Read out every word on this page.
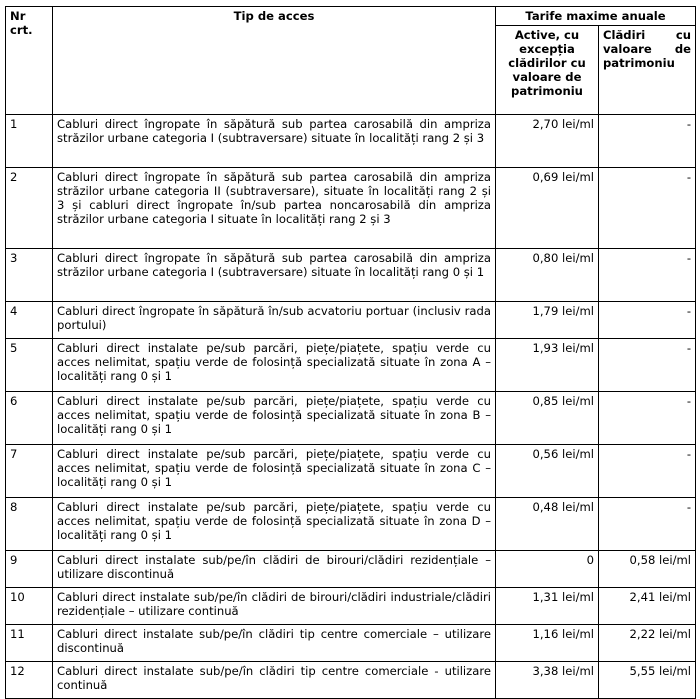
Nr crt.	Tip de acces	Tarife maxime anuale	
		Active, cu excepția clădirilor cu valoare de patrimoniu	Clădiri cu valoare de patrimoniu
1	Cabluri direct îngropate în săpătură sub partea carosabilă din ampriza străzilor urbane categoria I (subtraversare) situate în localități rang 2 și 3	2,70 lei/ml	-
2	Cabluri direct îngropate în săpătură sub partea carosabilă din ampriza străzilor urbane categoria II (subtraversare), situate în localități rang 2 și 3 și cabluri direct îngropate în/sub partea noncarosabilă din ampriza străzilor urbane categoria I situate în localități rang 2 și 3	0,69 lei/ml	-
3	Cabluri direct îngropate în săpătură sub partea carosabilă din ampriza străzilor urbane categoria I (subtraversare) situate în localități rang 0 și 1	0,80 lei/ml	-
4	Cabluri direct îngropate în săpătură în/sub acvatoriu portuar (inclusiv rada portului)	1,79 lei/ml	-
5	Cabluri direct instalate pe/sub parcări, piețe/piațete, spațiu verde cu acces nelimitat, spațiu verde de folosință specializată situate în zona A – localități rang 0 și 1	1,93 lei/ml	-
6	Cabluri direct instalate pe/sub parcări, piețe/piațete, spațiu verde cu acces nelimitat, spațiu verde de folosință specializată situate în zona B – localități rang 0 și 1	0,85 lei/ml	-
7	Cabluri direct instalate pe/sub parcări, piețe/piațete, spațiu verde cu acces nelimitat, spațiu verde de folosință specializată situate în zona C – localități rang 0 și 1	0,56 lei/ml	-
8	Cabluri direct instalate pe/sub parcări, piețe/piațete, spațiu verde cu acces nelimitat, spațiu verde de folosință specializată situate în zona D – localități rang 0 și 1	0,48 lei/ml	-
9	Cabluri direct instalate sub/pe/în clădiri de birouri/clădiri rezidențiale – utilizare discontinuă	0	0,58 lei/ml
10	Cabluri direct instalate sub/pe/în clădiri de birouri/clădiri industriale/clădiri rezidențiale – utilizare continuă	1,31 lei/ml	2,41 lei/ml
11	Cabluri direct instalate sub/pe/în clădiri tip centre comerciale – utilizare discontinuă	1,16 lei/ml	2,22 lei/ml
12	Cabluri direct instalate sub/pe/în clădiri tip centre comerciale - utilizare continuă	3,38 lei/ml	5,55 lei/ml
